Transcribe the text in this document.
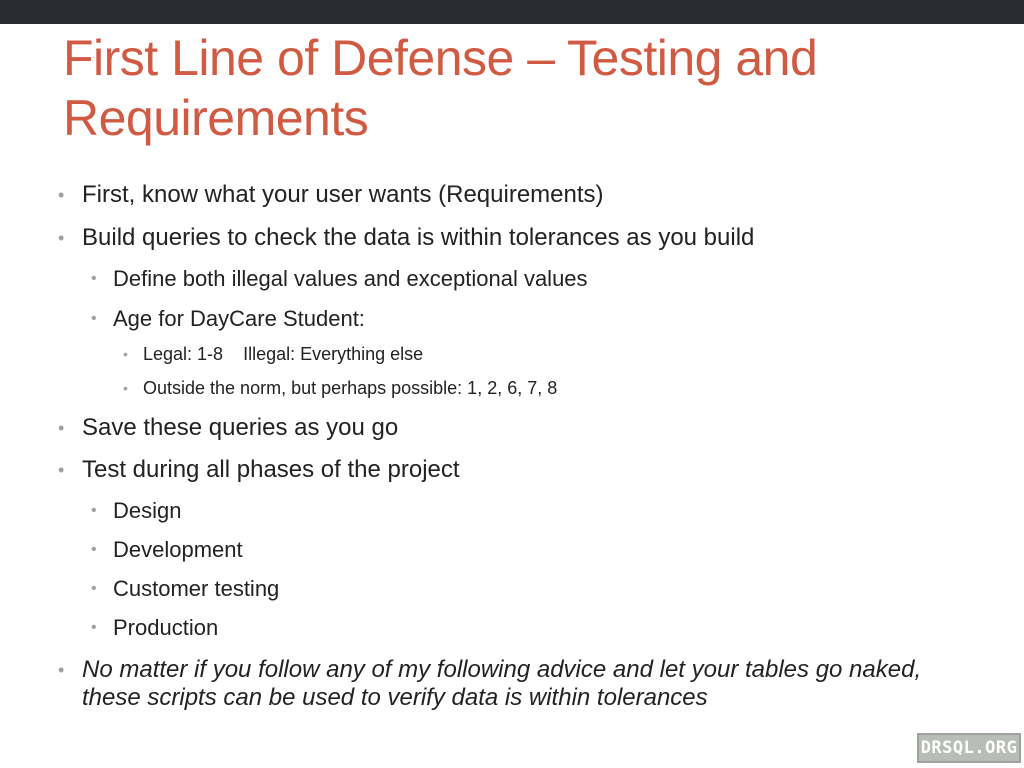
First Line of Defense – Testing and Requirements
• First, know what your user wants (Requirements)
• Build queries to check the data is within tolerances as you build
• Define both illegal values and exceptional values
• Age for DayCare Student:
• Legal: 1-8    Illegal: Everything else
• Outside the norm, but perhaps possible: 1, 2, 6, 7, 8
• Save these queries as you go
• Test during all phases of the project
• Design
• Development
• Customer testing
• Production
• No matter if you follow any of my following advice and let your tables go naked, these scripts can be used to verify data is within tolerances
DRSQL.ORG
